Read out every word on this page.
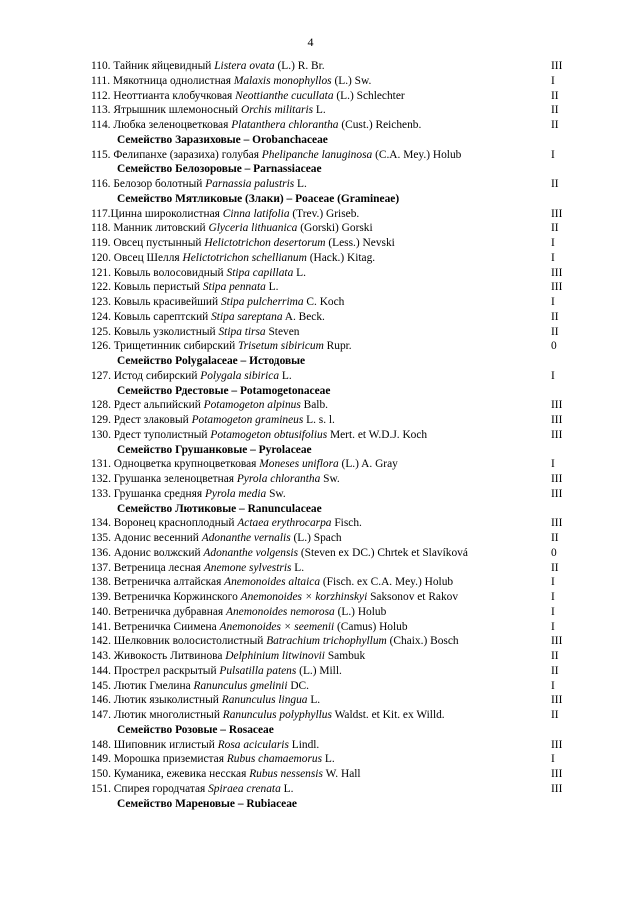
4
110. Тайник яйцевидный Listera ovata (L.) R. Br.	III
111. Мякотница однолистная Malaxis monophyllos (L.) Sw.	I
112. Неоттианта клобучковая Neottianthe cucullata (L.) Schlechter	II
113. Ятрышник шлемоносный Orchis militaris L.	II
114. Любка зеленоцветковая Platanthera chlorantha (Cust.) Reichenb.	II
Семейство Заразиховые – Orobanchaceae
115. Фелипанхе (заразиха) голубая Phelipanche lanuginosa (C.A. Mey.) Holub	I
Семейство Белозоровые – Parnassiaceae
116. Белозор болотный Parnassia palustris L.	II
Семейство Мятликовые (Злаки) – Poaceae (Gramineae)
117.Цинна широколистная Cinna latifolia (Trev.) Griseb.	III
118. Манник литовский Glyceria lithuanica (Gorski) Gorski	II
119. Овсец пустынный Helictotrichon desertorum (Less.) Nevski	I
120. Овсец Шелля Helictotrichon schellianum (Hack.) Kitag.	I
121. Ковыль волосовидный Stipa capillata L.	III
122. Ковыль перистый Stipa pennata L.	III
123. Ковыль красивейший Stipa pulcherrima C. Koch	I
124. Ковыль сарептский Stipa sareptana A. Beck.	II
125. Ковыль узколистный Stipa tirsa Steven	II
126. Трищетинник сибирский Trisetum sibiricum Rupr.	0
Семейство Polygalaceae – Истодовые
127. Истод сибирский Polygala sibirica L.	I
Семейство Рдестовые – Potamogetonaceae
128. Рдест альпийский Potamogeton alpinus Balb.	III
129. Рдест злаковый Potamogeton gramineus L. s. l.	III
130. Рдест туполистный Potamogeton obtusifolius Mert. et W.D.J. Koch	III
Семейство Грушанковые – Pyrolaceae
131. Одноцветка крупноцветковая Moneses uniflora (L.) A. Gray	I
132. Грушанка зеленоцветная Pyrola chlorantha Sw.	III
133. Грушанка средняя Pyrola media Sw.	III
Семейство Лютиковые – Ranunculaceae
134. Воронец красноплодный Actaea erythrocarpa Fisch.	III
135. Адонис весенний Adonanthe vernalis (L.) Spach	II
136. Адонис волжский Adonanthe volgensis (Steven ex DC.) Chrtek et Slavíková	0
137. Ветреница лесная Anemone sylvestris L.	II
138. Ветреничка алтайская Anemonoides altaica (Fisch. ex C.A. Mey.) Holub	I
139. Ветреничка Коржинского Anemonoides × korzhinskyi Saksonov et Rakov	I
140. Ветреничка дубравная Anemonoides nemorosa (L.) Holub	I
141. Ветреничка Сиимена Anemonoides × seemenii (Camus) Holub	I
142. Шелковник волосистолистный Batrachium trichophyllum (Chaix.) Bosch	III
143. Живокость Литвинова Delphinium litwinovii Sambuk	II
144. Прострел раскрытый Pulsatilla patens (L.) Mill.	II
145. Лютик Гмелина Ranunculus gmelinii DC.	I
146. Лютик языколистный Ranunculus lingua L.	III
147. Лютик многолистный Ranunculus polyphyllus Waldst. et Kit. ex Willd.	II
Семейство Розовые – Rosaceae
148. Шиповник иглистый Rosa acicularis Lindl.	III
149. Морошка приземистая Rubus chamaemorus L.	I
150. Куманика, ежевика несская Rubus nessensis W. Hall	III
151. Спирея городчатая Spiraea crenata L.	III
Семейство Мареновые – Rubiaceae
